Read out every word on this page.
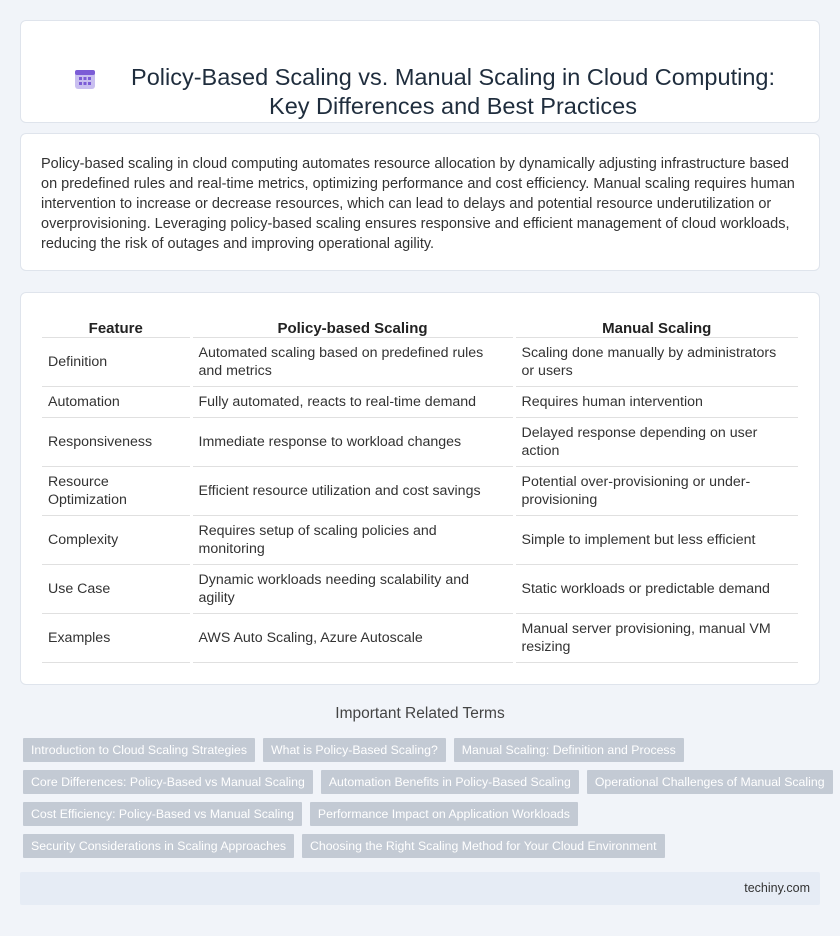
Policy-Based Scaling vs. Manual Scaling in Cloud Computing: Key Differences and Best Practices

Policy-based scaling in cloud computing automates resource allocation by dynamically adjusting infrastructure based on predefined rules and real-time metrics, optimizing performance and cost efficiency. Manual scaling requires human intervention to increase or decrease resources, which can lead to delays and potential resource underutilization or overprovisioning. Leveraging policy-based scaling ensures responsive and efficient management of cloud workloads, reducing the risk of outages and improving operational agility.

Feature	Policy-based Scaling	Manual Scaling
Definition	Automated scaling based on predefined rules and metrics	Scaling done manually by administrators or users
Automation	Fully automated, reacts to real-time demand	Requires human intervention
Responsiveness	Immediate response to workload changes	Delayed response depending on user action
Resource Optimization	Efficient resource utilization and cost savings	Potential over-provisioning or under-provisioning
Complexity	Requires setup of scaling policies and monitoring	Simple to implement but less efficient
Use Case	Dynamic workloads needing scalability and agility	Static workloads or predictable demand
Examples	AWS Auto Scaling, Azure Autoscale	Manual server provisioning, manual VM resizing
Important Related Terms
Introduction to Cloud Scaling Strategies	What is Policy-Based Scaling?	Manual Scaling: Definition and Process
Core Differences: Policy-Based vs Manual Scaling	Automation Benefits in Policy-Based Scaling	Operational Challenges of Manual Scaling
Cost Efficiency: Policy-Based vs Manual Scaling	Performance Impact on Application Workloads
Security Considerations in Scaling Approaches	Choosing the Right Scaling Method for Your Cloud Environment
techiny.com
